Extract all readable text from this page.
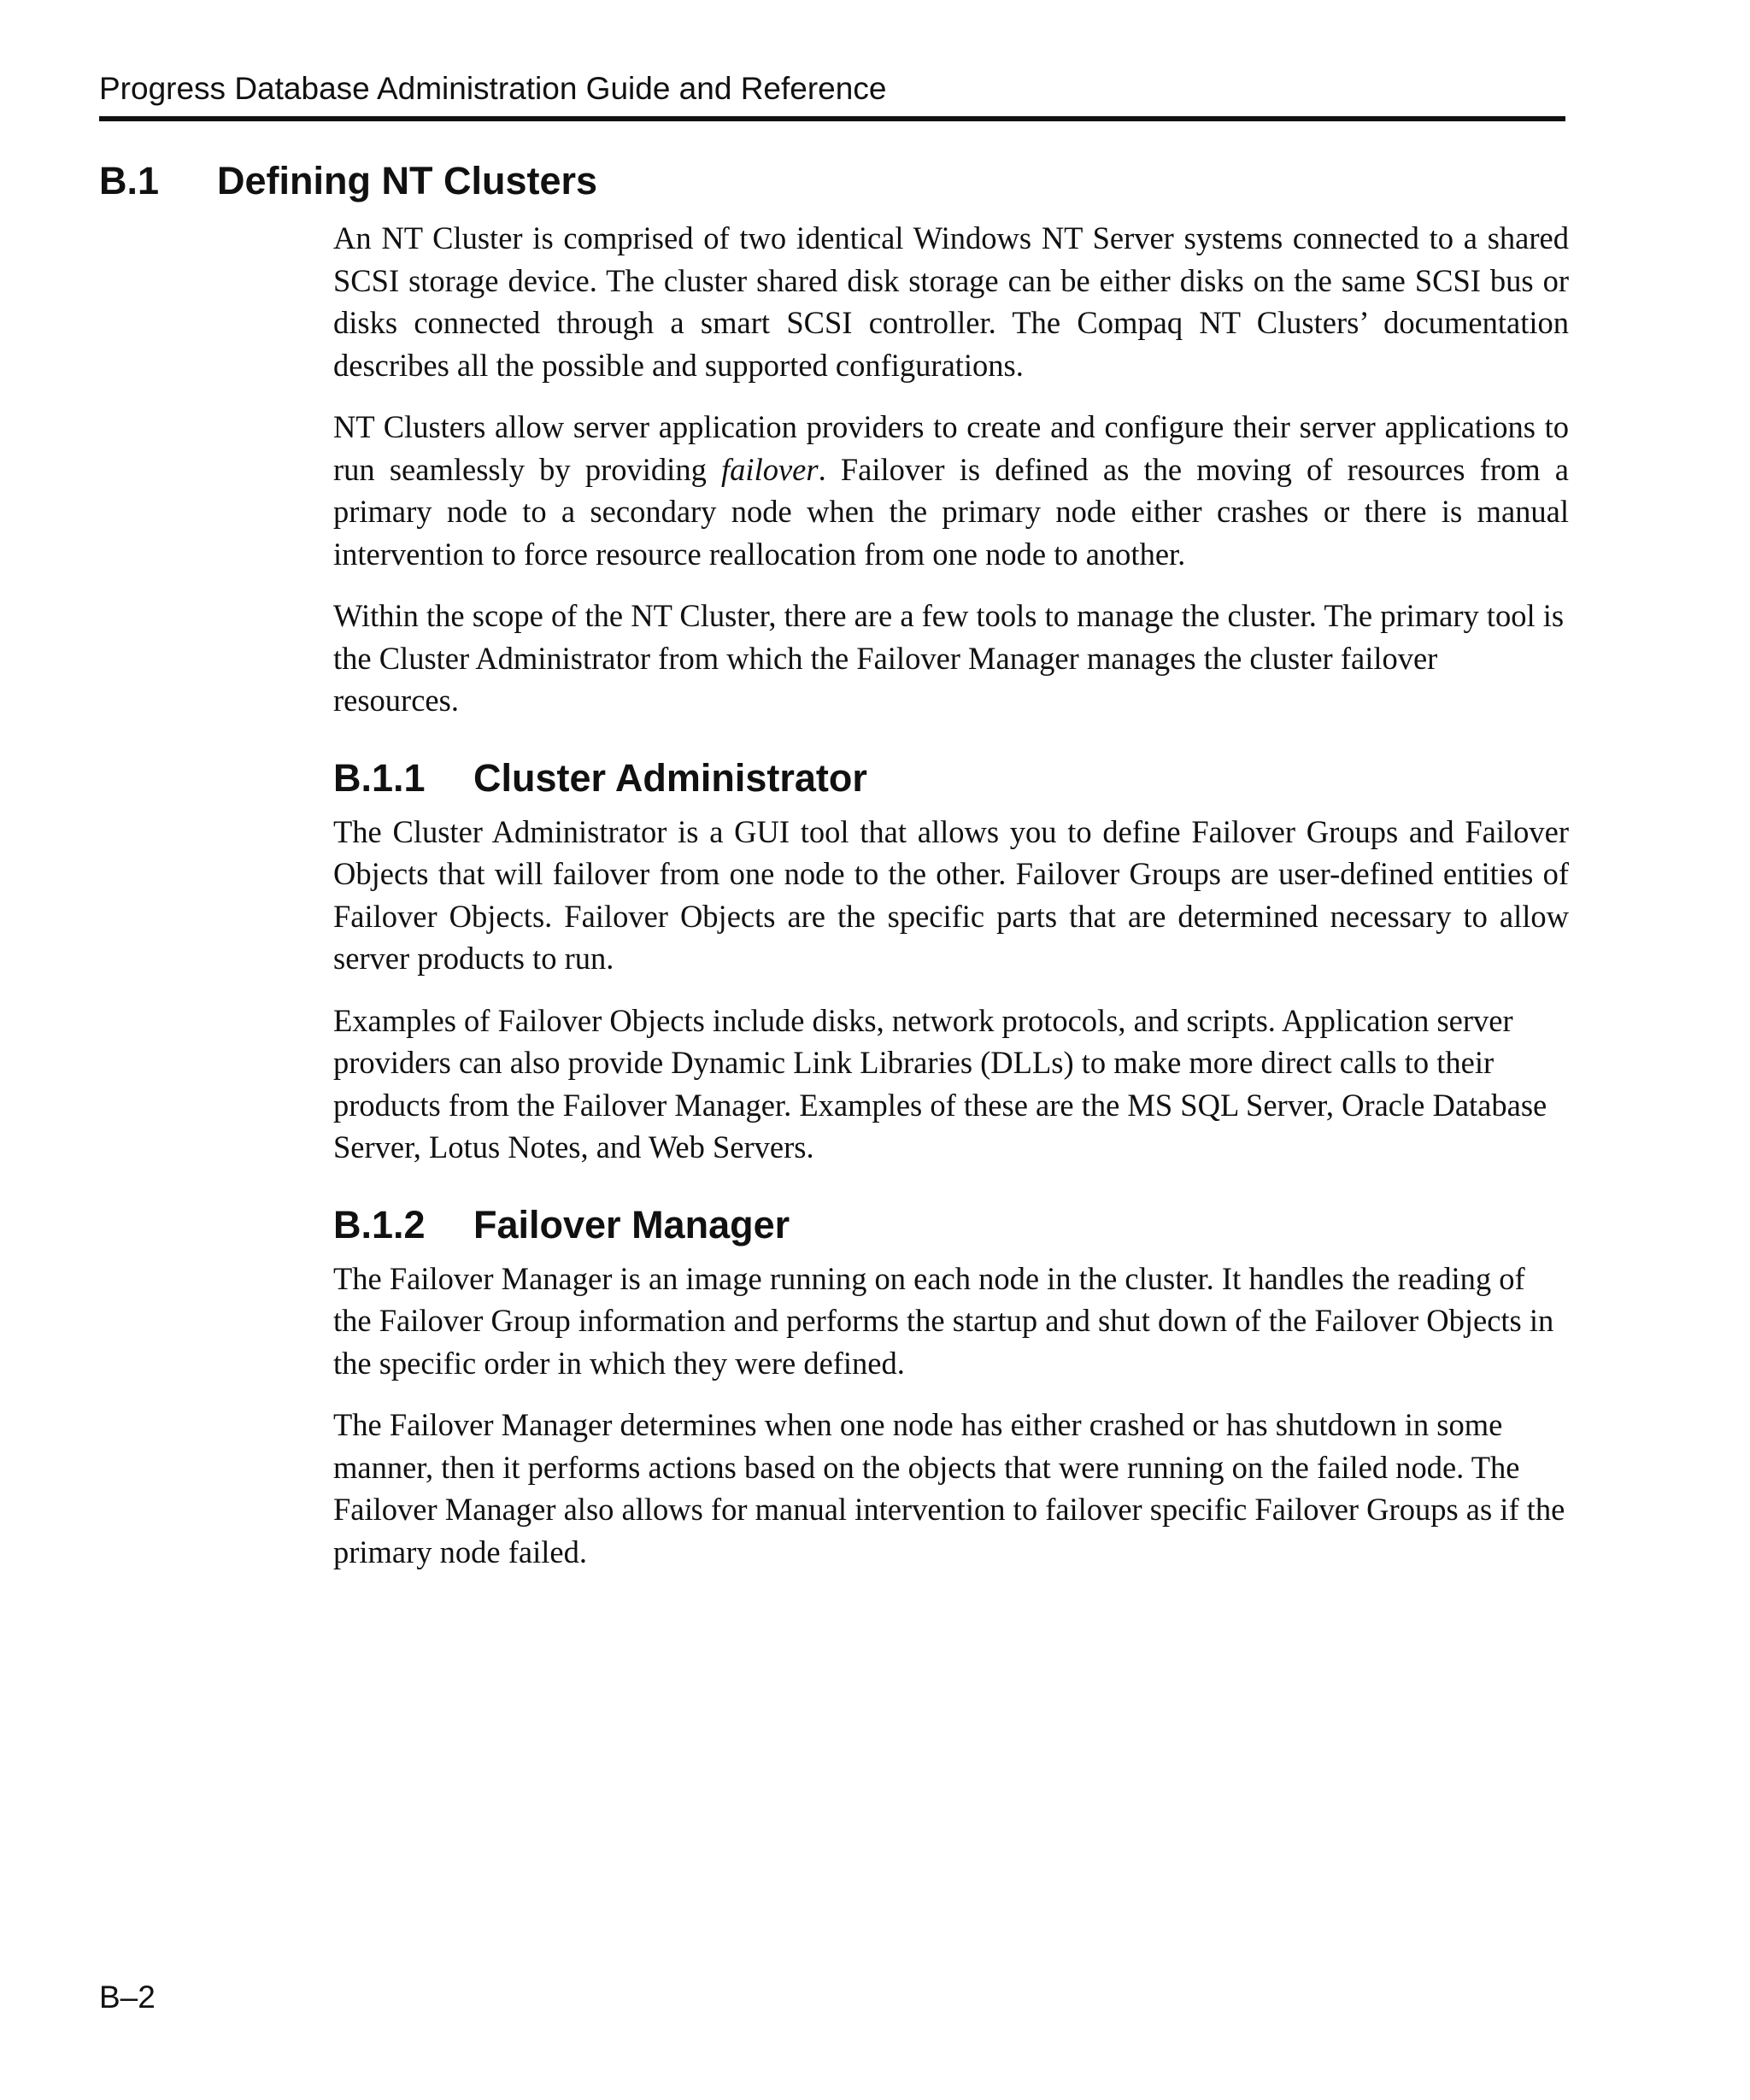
Progress Database Administration Guide and Reference
B.1	Defining NT Clusters

An NT Cluster is comprised of two identical Windows NT Server systems connected to a shared SCSI storage device. The cluster shared disk storage can be either disks on the same SCSI bus or disks connected through a smart SCSI controller. The Compaq NT Clusters’ documentation describes all the possible and supported configurations.

NT Clusters allow server application providers to create and configure their server applications to run seamlessly by providing failover. Failover is defined as the moving of resources from a primary node to a secondary node when the primary node either crashes or there is manual intervention to force resource reallocation from one node to another.

Within the scope of the NT Cluster, there are a few tools to manage the cluster. The primary tool is the Cluster Administrator from which the Failover Manager manages the cluster failover resources.

B.1.1	Cluster Administrator

The Cluster Administrator is a GUI tool that allows you to define Failover Groups and Failover Objects that will failover from one node to the other. Failover Groups are user-defined entities of Failover Objects. Failover Objects are the specific parts that are determined necessary to allow server products to run.

Examples of Failover Objects include disks, network protocols, and scripts. Application server providers can also provide Dynamic Link Libraries (DLLs) to make more direct calls to their products from the Failover Manager. Examples of these are the MS SQL Server, Oracle Database Server, Lotus Notes, and Web Servers.

B.1.2	Failover Manager

The Failover Manager is an image running on each node in the cluster. It handles the reading of the Failover Group information and performs the startup and shut down of the Failover Objects in the specific order in which they were defined.

The Failover Manager determines when one node has either crashed or has shutdown in some manner, then it performs actions based on the objects that were running on the failed node. The Failover Manager also allows for manual intervention to failover specific Failover Groups as if the primary node failed.

B–2
